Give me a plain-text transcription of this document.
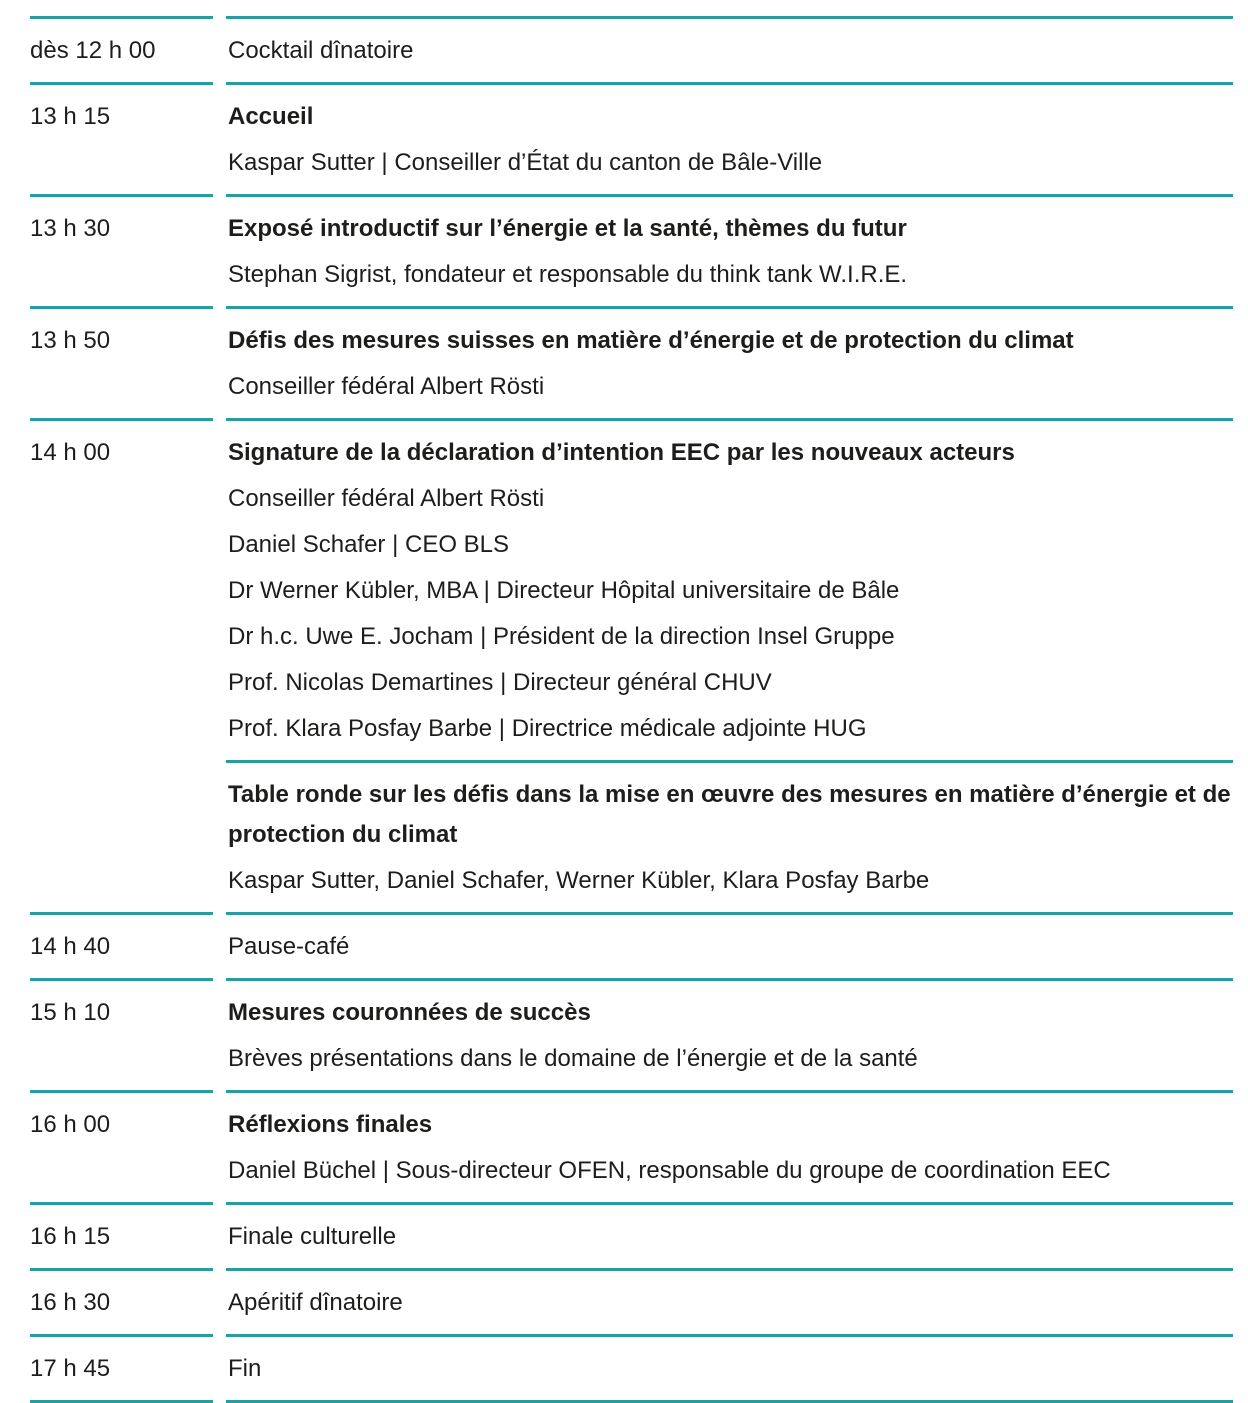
dès 12 h 00	Cocktail dînatoire
13 h 15	Accueil
Kaspar Sutter | Conseiller d’État du canton de Bâle-Ville
13 h 30	Exposé introductif sur l’énergie et la santé, thèmes du futur
Stephan Sigrist, fondateur et responsable du think tank W.I.R.E.
13 h 50	Défis des mesures suisses en matière d’énergie et de protection du climat
Conseiller fédéral Albert Rösti
14 h 00	Signature de la déclaration d’intention EEC par les nouveaux acteurs
Conseiller fédéral Albert Rösti
Daniel Schafer | CEO BLS
Dr Werner Kübler, MBA | Directeur Hôpital universitaire de Bâle
Dr h.c. Uwe E. Jocham | Président de la direction Insel Gruppe
Prof. Nicolas Demartines | Directeur général CHUV
Prof. Klara Posfay Barbe | Directrice médicale adjointe HUG
Table ronde sur les défis dans la mise en œuvre des mesures en matière d’énergie et de protection du climat
Kaspar Sutter, Daniel Schafer, Werner Kübler, Klara Posfay Barbe
14 h 40	Pause-café
15 h 10	Mesures couronnées de succès
Brèves présentations dans le domaine de l’énergie et de la santé
16 h 00	Réflexions finales
Daniel Büchel | Sous-directeur OFEN, responsable du groupe de coordination EEC
16 h 15	Finale culturelle
16 h 30	Apéritif dînatoire
17 h 45	Fin
